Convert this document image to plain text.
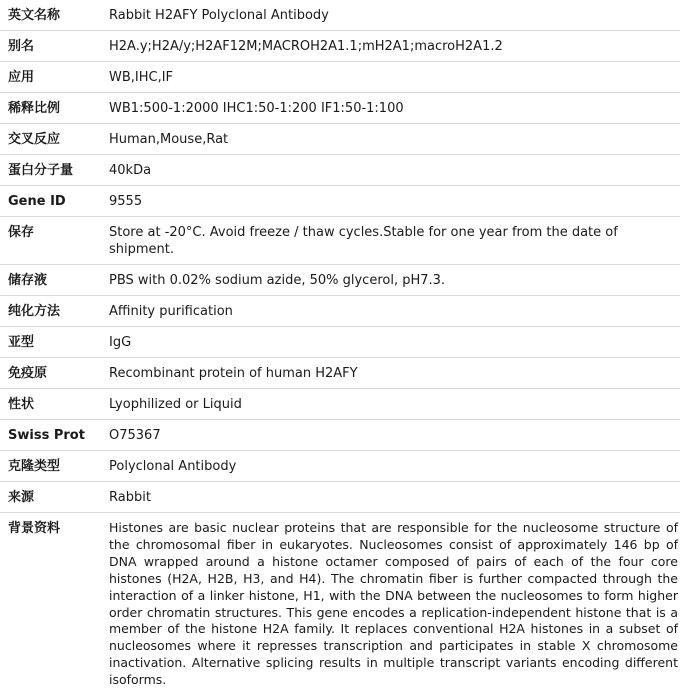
英文名称	Rabbit H2AFY Polyclonal Antibody
别名	H2A.y;H2A/y;H2AF12M;MACROH2A1.1;mH2A1;macroH2A1.2
应用	WB,IHC,IF
稀释比例	WB1:500-1:2000 IHC1:50-1:200 IF1:50-1:100
交叉反应	Human,Mouse,Rat
蛋白分子量	40kDa
Gene ID	9555
保存	Store at -20°C. Avoid freeze / thaw cycles.Stable for one year from the date of shipment.
储存液	PBS with 0.02% sodium azide, 50% glycerol, pH7.3.
纯化方法	Affinity purification
亚型	IgG
免疫原	Recombinant protein of human H2AFY
性状	Lyophilized or Liquid
Swiss Prot	O75367
克隆类型	Polyclonal Antibody
来源	Rabbit
背景资料	Histones are basic nuclear proteins that are responsible for the nucleosome structure of the chromosomal fiber in eukaryotes. Nucleosomes consist of approximately 146 bp of DNA wrapped around a histone octamer composed of pairs of each of the four core histones (H2A, H2B, H3, and H4). The chromatin fiber is further compacted through the interaction of a linker histone, H1, with the DNA between the nucleosomes to form higher order chromatin structures. This gene encodes a replication-independent histone that is a member of the histone H2A family. It replaces conventional H2A histones in a subset of nucleosomes where it represses transcription and participates in stable X chromosome inactivation. Alternative splicing results in multiple transcript variants encoding different isoforms.
